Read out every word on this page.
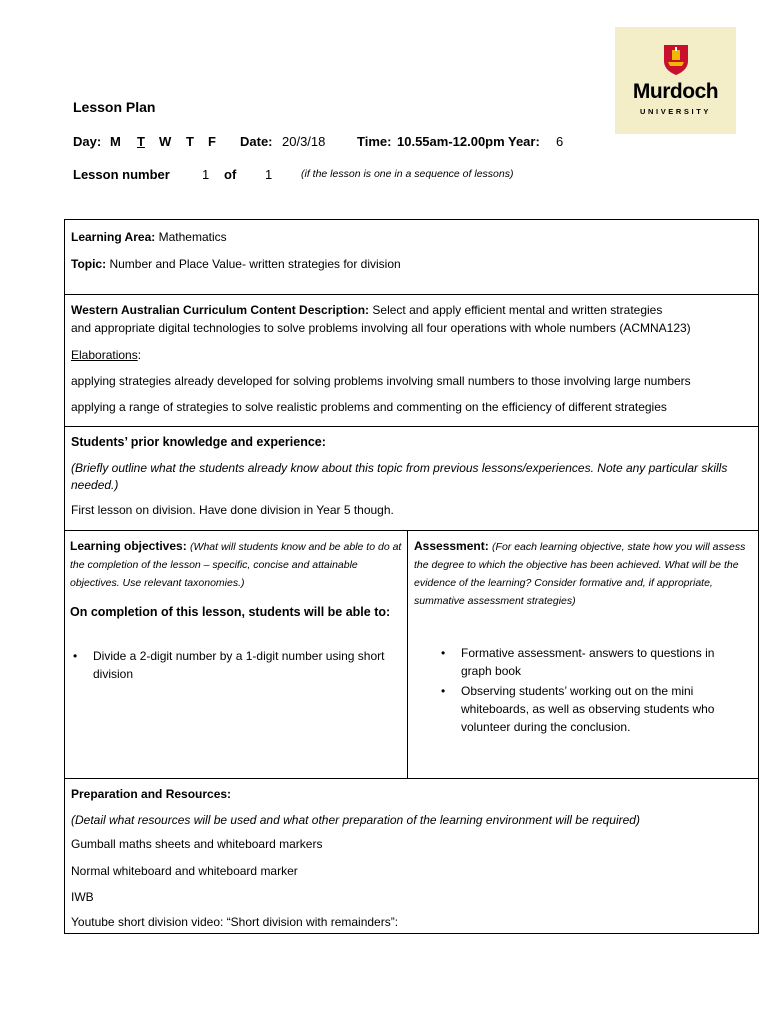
Murdoch
UNIVERSITY
Lesson Plan
Day: M T W T F Date: 20/3/18 Time: 10.55am-12.00pm Year: 6
Lesson number 1 of 1	(if the lesson is one in a sequence of lessons)
Learning Area: Mathematics
Topic: Number and Place Value- written strategies for division
Western Australian Curriculum Content Description: Select and apply efficient mental and written strategies
and appropriate digital technologies to solve problems involving all four operations with whole numbers (ACMNA123)
Elaborations:
applying strategies already developed for solving problems involving small numbers to those involving large numbers
applying a range of strategies to solve realistic problems and commenting on the efficiency of different strategies
Students’ prior knowledge and experience:
(Briefly outline what the students already know about this topic from previous lessons/experiences. Note any particular skills
needed.)
First lesson on division. Have done division in Year 5 though.
Learning objectives: (What will students know and be able to do at the completion of the lesson – specific, concise and attainable objectives. Use relevant taxonomies.)
On completion of this lesson, students will be able to:
• Divide a 2-digit number by a 1-digit number using short division
Assessment: (For each learning objective, state how you will assess the degree to which the objective has been achieved. What will be the evidence of the learning? Consider formative and, if appropriate, summative assessment strategies)
• Formative assessment- answers to questions in graph book
• Observing students’ working out on the mini whiteboards, as well as observing students who volunteer during the conclusion.
Preparation and Resources:
(Detail what resources will be used and what other preparation of the learning environment will be required)
Gumball maths sheets and whiteboard markers
Normal whiteboard and whiteboard marker
IWB
Youtube short division video: “Short division with remainders”:
